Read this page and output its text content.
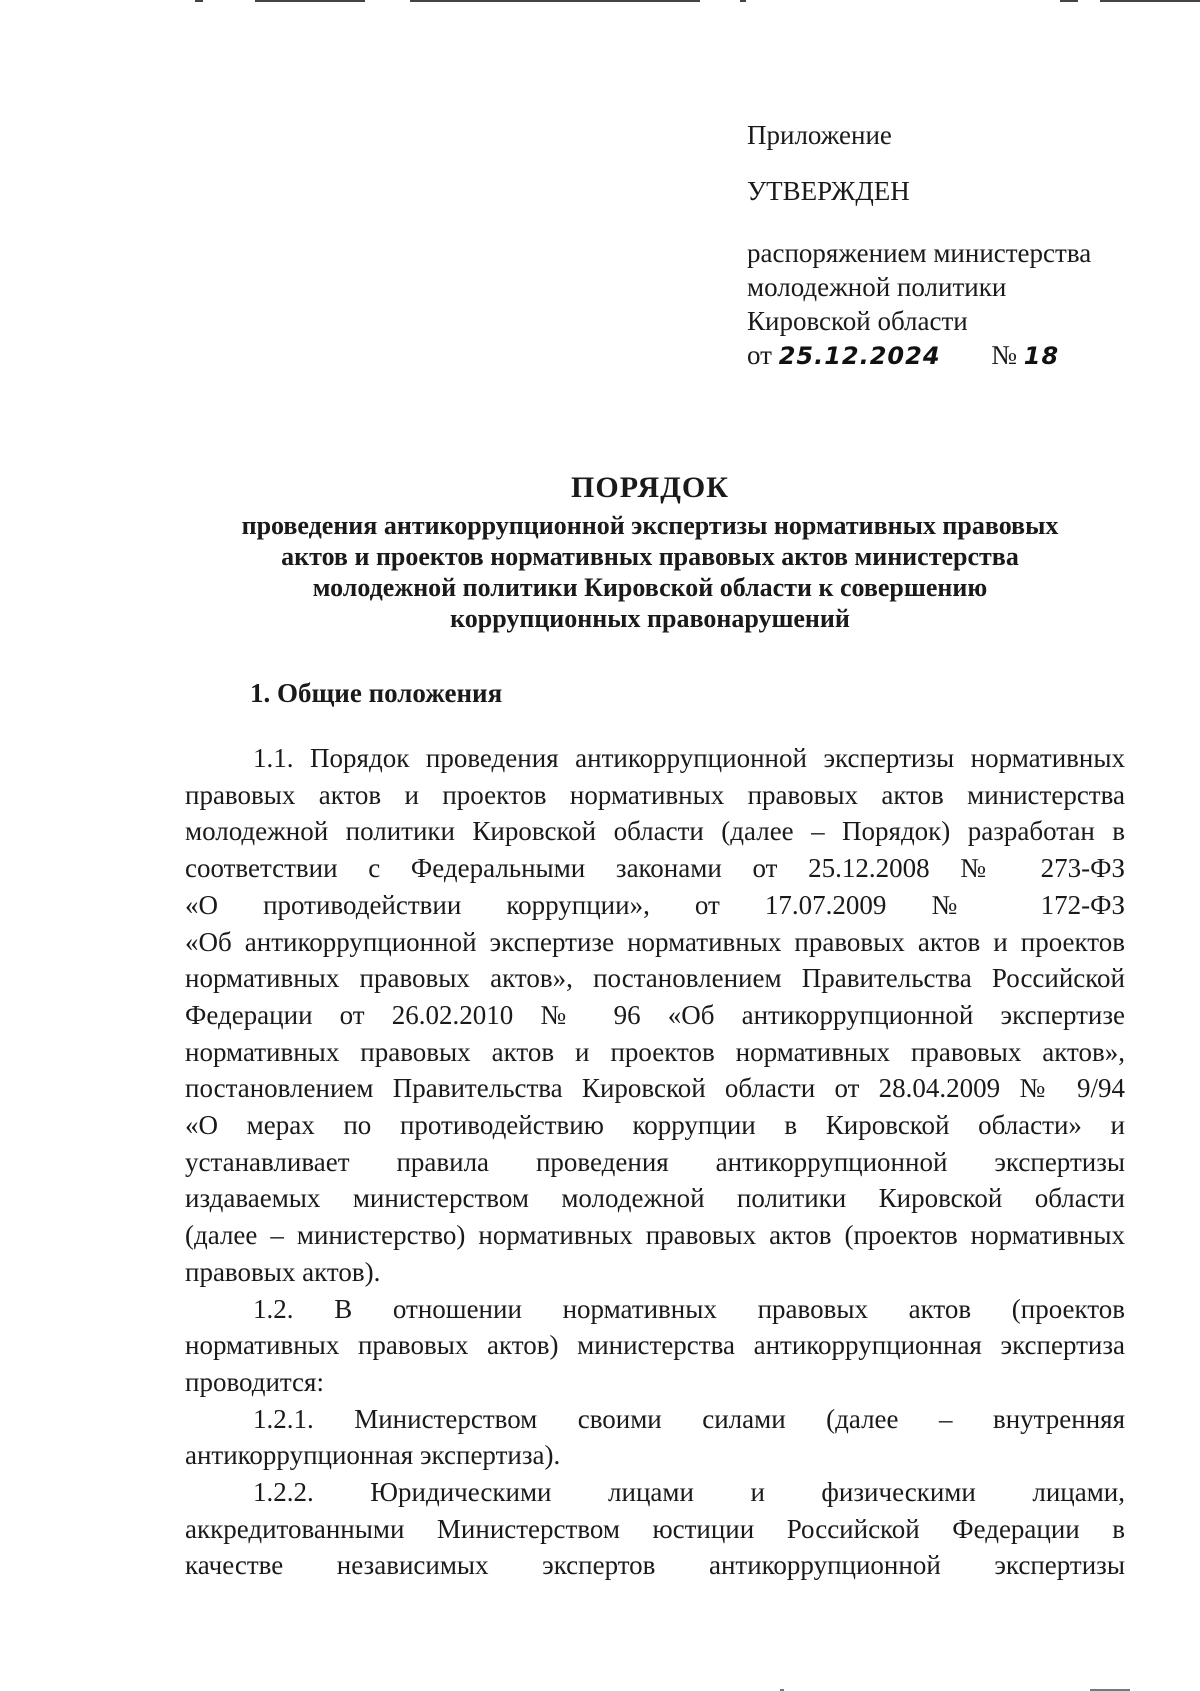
Приложение
УТВЕРЖДЕН
распоряжением министерства
молодежной политики
Кировской области
от 25.12.2024 № 18
ПОРЯДОК
проведения антикоррупционной экспертизы нормативных правовых
актов и проектов нормативных правовых актов министерства
молодежной политики Кировской области к совершению
коррупционных правонарушений
1. Общие положения

1.1. Порядок проведения антикоррупционной экспертизы нормативных
правовых актов и проектов нормативных правовых актов министерства
молодежной политики Кировской области (далее – Порядок) разработан в
соответствии с Федеральными законами от 25.12.2008 № 273-ФЗ
«О противодействии коррупции», от 17.07.2009 № 172-ФЗ
«Об антикоррупционной экспертизе нормативных правовых актов и проектов
нормативных правовых актов», постановлением Правительства Российской
Федерации от 26.02.2010 № 96 «Об антикоррупционной экспертизе
нормативных правовых актов и проектов нормативных правовых актов»,
постановлением Правительства Кировской области от 28.04.2009 № 9/94
«О мерах по противодействию коррупции в Кировской области» и
устанавливает правила проведения антикоррупционной экспертизы
издаваемых министерством молодежной политики Кировской области
(далее – министерство) нормативных правовых актов (проектов нормативных
правовых актов).

1.2. В отношении нормативных правовых актов (проектов
нормативных правовых актов) министерства антикоррупционная экспертиза
проводится:

1.2.1. Министерством своими силами (далее – внутренняя
антикоррупционная экспертиза).

1.2.2. Юридическими лицами и физическими лицами,
аккредитованными Министерством юстиции Российской Федерации в
качестве независимых экспертов антикоррупционной экспертизы
